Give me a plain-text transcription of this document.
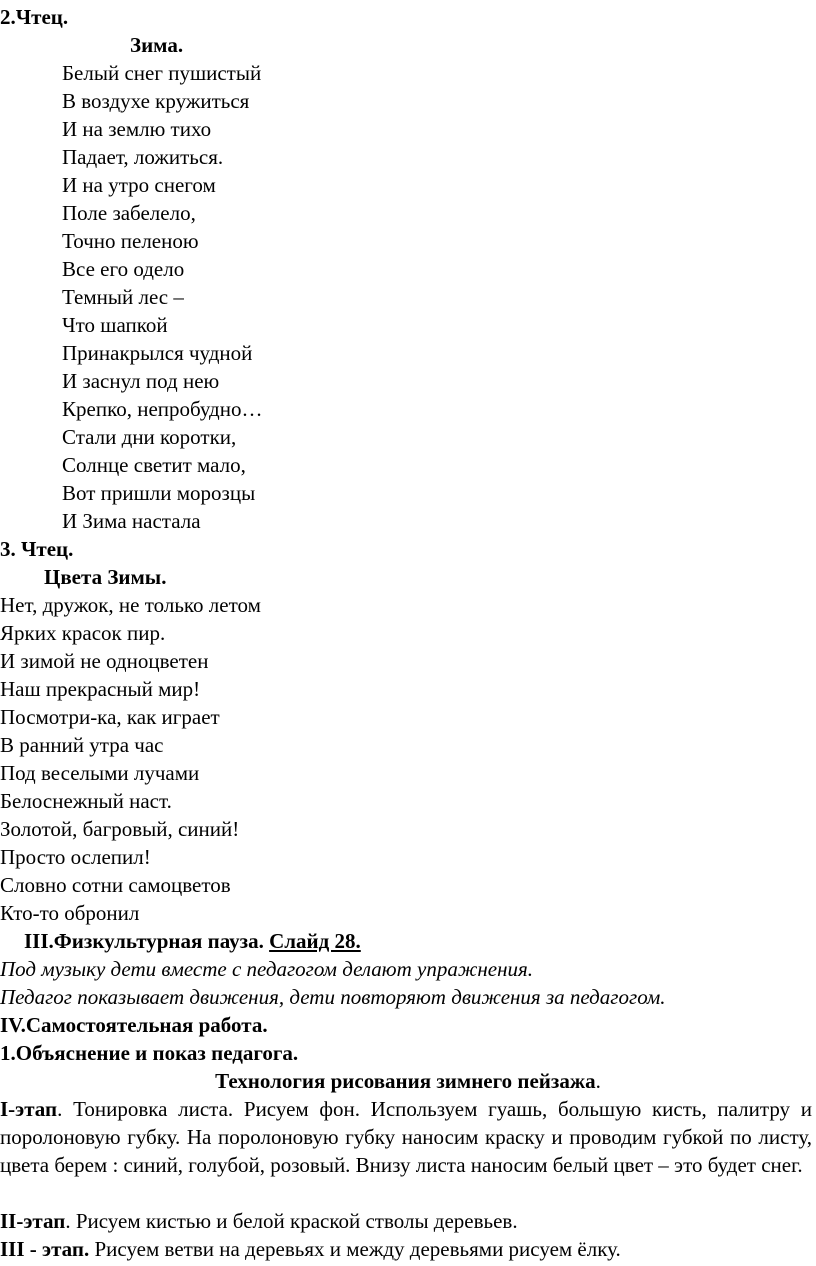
2.Чтец.
Зима.
Белый снег пушистый
В воздухе кружиться
И на землю тихо
Падает, ложиться.
И на утро снегом
Поле забелело,
Точно пеленою
Все его одело
Темный лес –
Что шапкой
Принакрылся чудной
И заснул под нею
Крепко, непробудно…
Стали дни коротки,
Солнце светит мало,
Вот пришли морозцы
И Зима настала
3. Чтец.
Цвета Зимы.
Нет, дружок, не только летом
Ярких красок пир.
И зимой не одноцветен
Наш прекрасный мир!
Посмотри-ка, как играет
В ранний утра час
Под веселыми лучами
Белоснежный наст.
Золотой, багровый, синий!
Просто ослепил!
Словно сотни самоцветов
Кто-то обронил
III.Физкультурная пауза. Слайд 28.
Под музыку дети вместе с педагогом делают упражнения.
Педагог показывает движения, дети повторяют движения за педагогом.
IV.Самостоятельная работа.
1.Объяснение и показ педагога.
Технология рисования зимнего пейзажа.

I-этап. Тонировка листа. Рисуем фон. Используем гуашь, большую кисть, палитру и поролоновую губку. На поролоновую губку наносим краску и проводим губкой по листу, цвета берем : синий, голубой, розовый. Внизу листа наносим белый цвет – это будет снег.

II-этап. Рисуем кистью и белой краской стволы деревьев.

III - этап. Рисуем ветви на деревьях и между деревьями рисуем ёлку.
